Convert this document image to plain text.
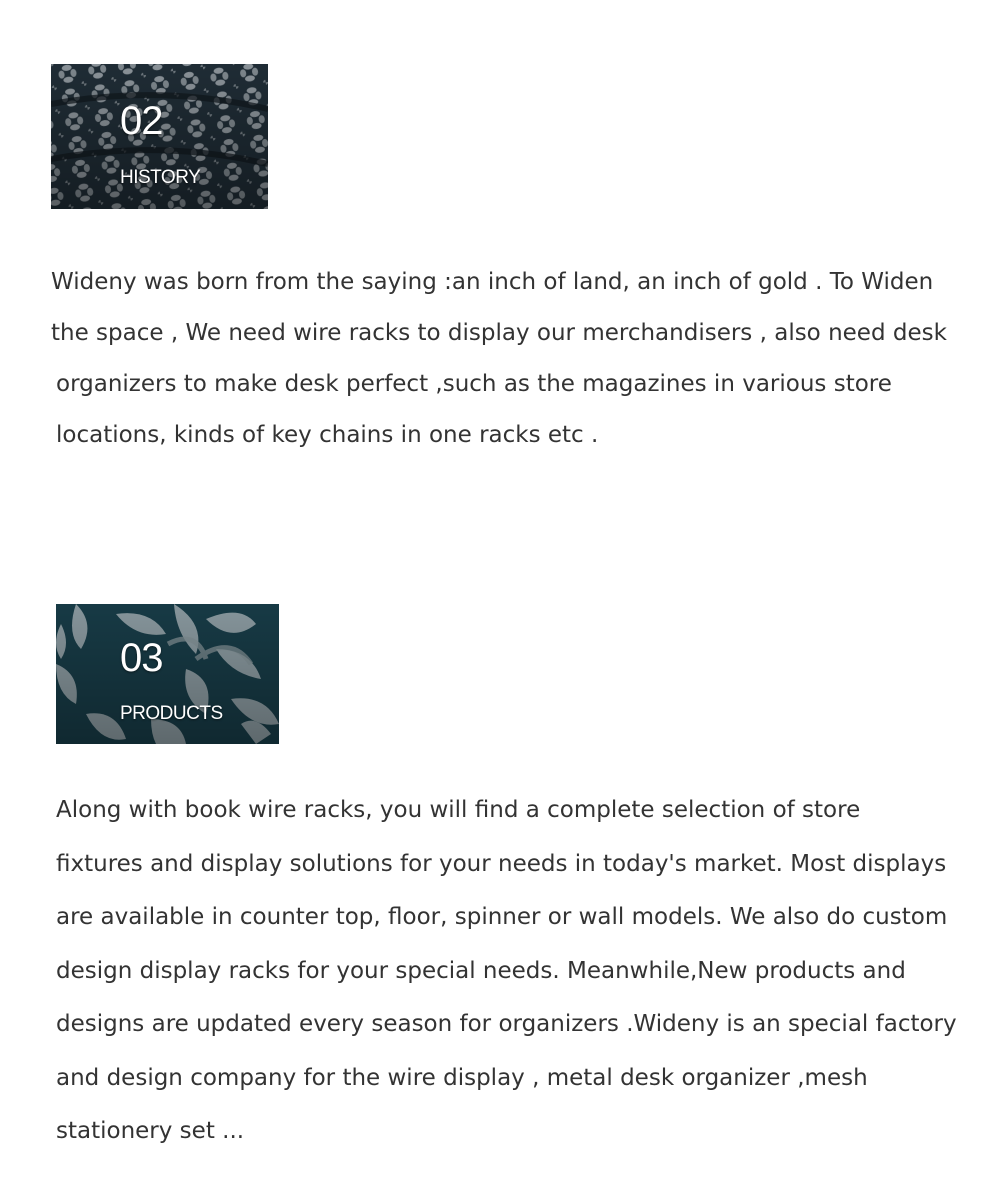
02
HISTORY
Wideny was born from the saying :an inch of land, an inch of gold . To Widen
the space , We need wire racks to display our merchandisers , also need desk
organizers to make desk perfect ,such as the magazines in various store
locations, kinds of key chains in one racks etc .
03
PRODUCTS
Along with book wire racks, you will find a complete selection of store
fixtures and display solutions for your needs in today's market. Most displays
are available in counter top, floor, spinner or wall models. We also do custom
design display racks for your special needs. Meanwhile,New products and
designs are updated every season for organizers .Wideny is an special factory
and design company for the wire display , metal desk organizer ,mesh
stationery set ...
